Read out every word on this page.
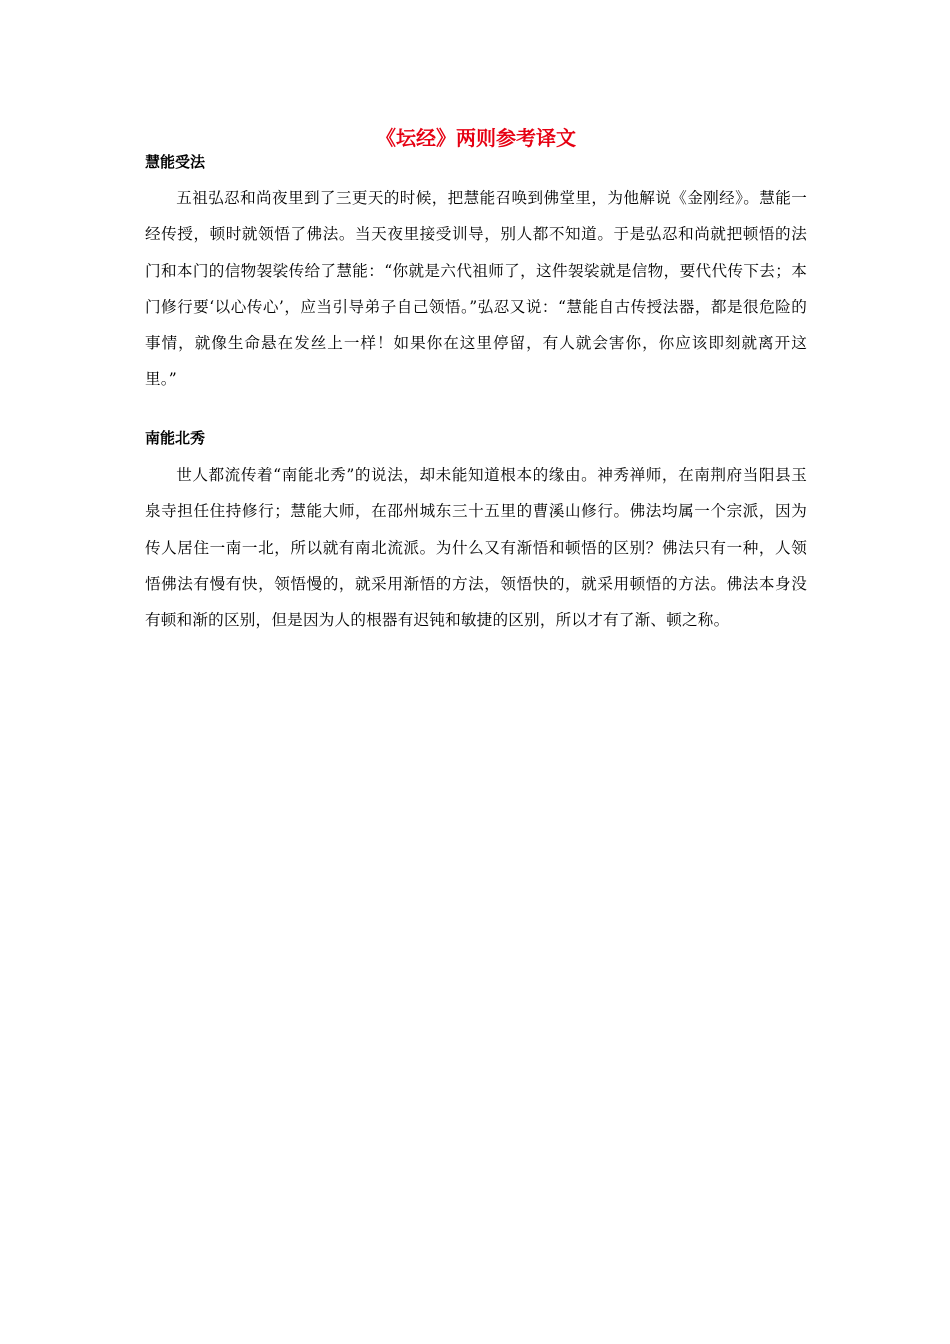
《坛经》两则参考译文
慧能受法

五祖弘忍和尚夜里到了三更天的时候，把慧能召唤到佛堂里，为他解说《金刚经》。慧能一经传授，顿时就领悟了佛法。当天夜里接受训导，别人都不知道。于是弘忍和尚就把顿悟的法门和本门的信物袈裟传给了慧能：“你就是六代祖师了，这件袈裟就是信物，要代代传下去；本门修行要‘以心传心’，应当引导弟子自己领悟。”弘忍又说：“慧能自古传授法器，都是很危险的事情，就像生命悬在发丝上一样！如果你在这里停留，有人就会害你，你应该即刻就离开这里。”

南能北秀

世人都流传着“南能北秀”的说法，却未能知道根本的缘由。神秀禅师，在南荆府当阳县玉泉寺担任住持修行；慧能大师，在邵州城东三十五里的曹溪山修行。佛法均属一个宗派，因为传人居住一南一北，所以就有南北流派。为什么又有渐悟和顿悟的区别？佛法只有一种，人领悟佛法有慢有快，领悟慢的，就采用渐悟的方法，领悟快的，就采用顿悟的方法。佛法本身没有顿和渐的区别，但是因为人的根器有迟钝和敏捷的区别，所以才有了渐、顿之称。
